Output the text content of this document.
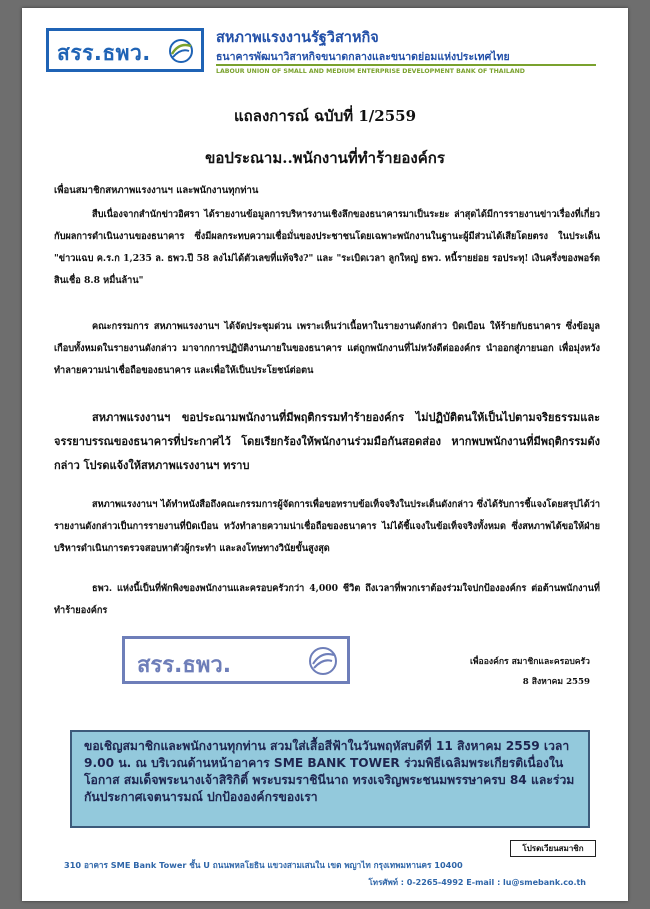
สรร.ธพว.
สหภาพแรงงานรัฐวิสาหกิจ
ธนาคารพัฒนาวิสาหกิจขนาดกลางและขนาดย่อมแห่งประเทศไทย
LABOUR UNION OF SMALL AND MEDIUM ENTERPRISE DEVELOPMENT BANK OF THAILAND
แถลงการณ์ ฉบับที่ 1/2559
ขอประณาม..พนักงานที่ทำร้ายองค์กร
เพื่อนสมาชิกสหภาพแรงงานฯ และพนักงานทุกท่าน
สืบเนื่องจากสำนักข่าวอิศรา ได้รายงานข้อมูลการบริหารงานเชิงลึกของธนาคารมาเป็นระยะ ล่าสุดได้มีการรายงานข่าวเรื่องที่เกี่ยวกับผลการดำเนินงานของธนาคาร ซึ่งมีผลกระทบความเชื่อมั่นของประชาชนโดยเฉพาะพนักงานในฐานะผู้มีส่วนได้เสียโดยตรง ในประเด็น "ข่าวแฉบ ค.ร.ก 1,235 ล. ธพว.ปี 58 ลงไม่ได้ตัวเลขที่แท้จริง?" และ "ระเบิดเวลา ลูกใหญ่ ธพว. หนี้รายย่อย รอประทุ! เงินครึ่งของพอร์ตสินเชื่อ 8.8 หมื่นล้าน"
คณะกรรมการ สหภาพแรงงานฯ ได้จัดประชุมด่วน เพราะเห็นว่าเนื้อหาในรายงานดังกล่าว บิดเบือน ให้ร้ายกับธนาคาร ซึ่งข้อมูลเกือบทั้งหมดในรายงานดังกล่าว มาจากการปฏิบัติงานภายในของธนาคาร แต่ถูกพนักงานที่ไม่หวังดีต่อองค์กร นำออกสู่ภายนอก เพื่อมุ่งหวังทำลายความน่าเชื่อถือของธนาคาร และเพื่อให้เป็นประโยชน์ต่อตน
สหภาพแรงงานฯ ขอประณามพนักงานที่มีพฤติกรรมทำร้ายองค์กร ไม่ปฏิบัติตนให้เป็นไปตามจริยธรรมและจรรยาบรรณของธนาคารที่ประกาศไว้ โดยเรียกร้องให้พนักงานร่วมมือกันสอดส่อง หากพบพนักงานที่มีพฤติกรรมดังกล่าว โปรดแจ้งให้สหภาพแรงงานฯ ทราบ
สหภาพแรงงานฯ ได้ทำหนังสือถึงคณะกรรมการผู้จัดการเพื่อขอทราบข้อเท็จจริงในประเด็นดังกล่าว ซึ่งได้รับการชี้แจงโดยสรุปได้ว่ารายงานดังกล่าวเป็นการรายงานที่บิดเบือน หวังทำลายความน่าเชื่อถือของธนาคาร ไม่ได้ชี้แจงในข้อเท็จจริงทั้งหมด ซึ่งสหภาพได้ขอให้ฝ่ายบริหารดำเนินการตรวจสอบหาตัวผู้กระทำ และลงโทษทางวินัยขั้นสูงสุด
ธพว. แห่งนี้เป็นที่พักพิงของพนักงานและครอบครัวกว่า 4,000 ชีวิต ถึงเวลาที่พวกเราต้องร่วมใจปกป้ององค์กร ต่อต้านพนักงานที่ทำร้ายองค์กร
สรร.ธพว.	เพื่อองค์กร สมาชิกและครอบครัว
8 สิงหาคม 2559
ขอเชิญสมาชิกและพนักงานทุกท่าน สวมใส่เสื้อสีฟ้าในวันพฤหัสบดีที่ 11 สิงหาคม 2559 เวลา 9.00 น. ณ บริเวณด้านหน้าอาคาร SME BANK TOWER ร่วมพิธีเฉลิมพระเกียรติเนื่องในโอกาส สมเด็จพระนางเจ้าสิริกิติ์ พระบรมราชินีนาถ ทรงเจริญพระชนมพรรษาครบ 84 และร่วมกันประกาศเจตนารมณ์ ปกป้ององค์กรของเรา
โปรดเวียนสมาชิก
310 อาคาร SME Bank Tower ชั้น U ถนนพหลโยธิน แขวงสามเสนใน เขต พญาไท กรุงเทพมหานคร 10400
โทรศัพท์ : 0-2265-4992 E-mail : lu@smebank.co.th
